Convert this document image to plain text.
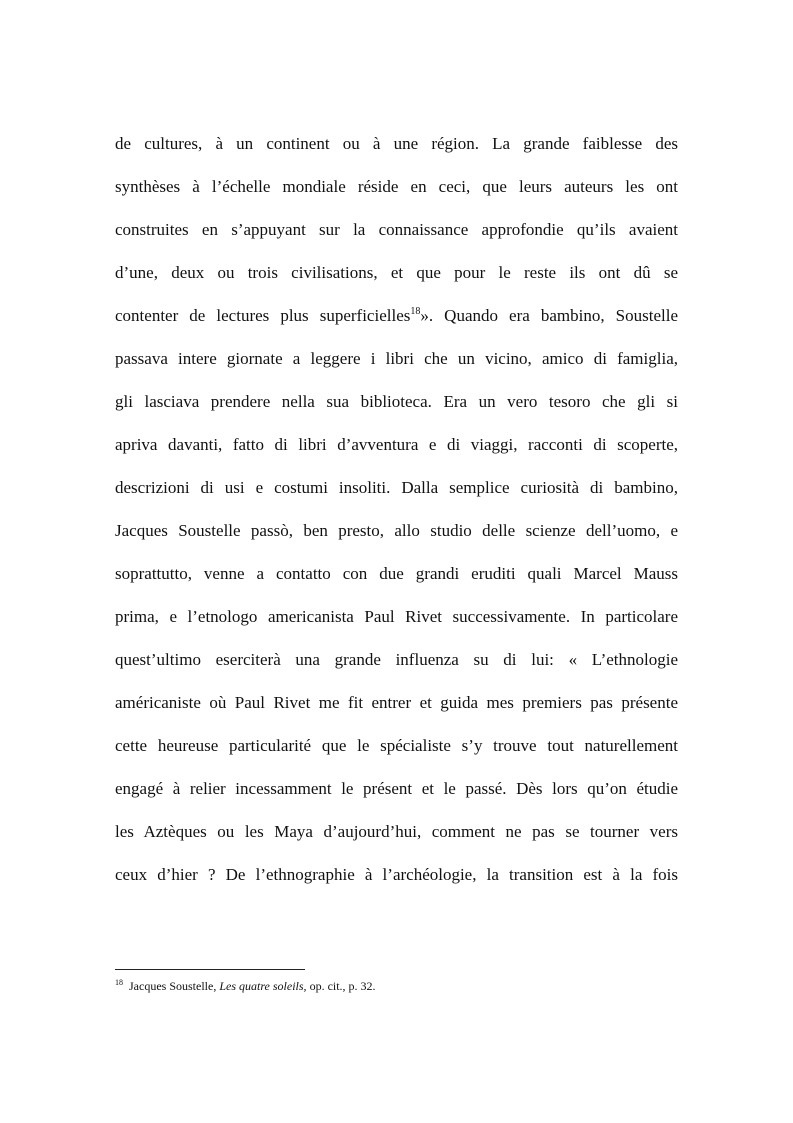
de cultures, à un continent ou à une région. La grande faiblesse des
synthèses à l’échelle mondiale réside en ceci, que leurs auteurs les ont
construites en s’appuyant sur la connaissance approfondie qu’ils avaient
d’une, deux ou trois civilisations, et que pour le reste ils ont dû se
contenter de lectures plus superficielles$^{18}$». Quando era bambino, Soustelle
passava intere giornate a leggere i libri che un vicino, amico di famiglia,
gli lasciava prendere nella sua biblioteca. Era un vero tesoro che gli si
apriva davanti, fatto di libri d’avventura e di viaggi, racconti di scoperte,
descrizioni di usi e costumi insoliti. Dalla semplice curiosità di bambino,
Jacques Soustelle passò, ben presto, allo studio delle scienze dell’uomo, e
soprattutto, venne a contatto con due grandi eruditi quali Marcel Mauss
prima, e l’etnologo americanista Paul Rivet successivamente. In particolare
quest’ultimo eserciterà una grande influenza su di lui: « L’ethnologie
américaniste où Paul Rivet me fit entrer et guida mes premiers pas présente
cette heureuse particularité que le spécialiste s’y trouve tout naturellement
engagé à relier incessamment le présent et le passé. Dès lors qu’on étudie
les Aztèques ou les Maya d’aujourd’hui, comment ne pas se tourner vers
ceux d’hier ? De l’ethnographie à l’archéologie, la transition est à la fois
$^{18}$ Jacques Soustelle, Les quatre soleils, op. cit., p. 32.
